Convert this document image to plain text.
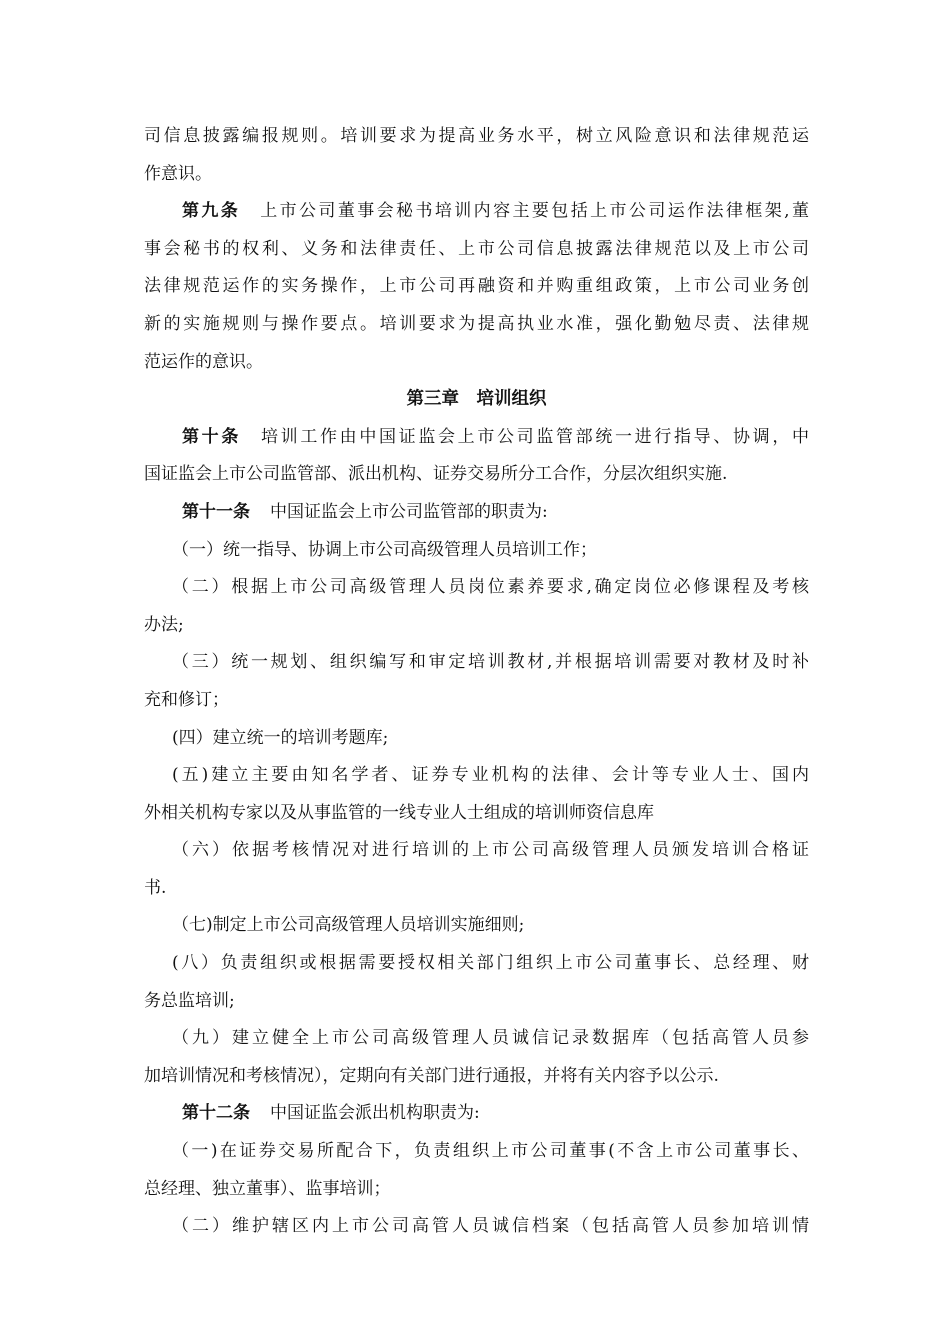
司信息披露编报规则。培训要求为提高业务水平，树立风险意识和法律规范运
作意识。
第九条 上市公司董事会秘书培训内容主要包括上市公司运作法律框架,董
事会秘书的权利、义务和法律责任、上市公司信息披露法律规范以及上市公司
法律规范运作的实务操作，上市公司再融资和并购重组政策，上市公司业务创
新的实施规则与操作要点。培训要求为提高执业水准，强化勤勉尽责、法律规
范运作的意识。
第三章　培训组织
第十条 培训工作由中国证监会上市公司监管部统一进行指导、协调，中
国证监会上市公司监管部、派出机构、证券交易所分工合作，分层次组织实施.
第十一条 中国证监会上市公司监管部的职责为:
（一）统一指导、协调上市公司高级管理人员培训工作；
（二）根据上市公司高级管理人员岗位素养要求,确定岗位必修课程及考核
办法;
（三）统一规划、组织编写和审定培训教材,并根据培训需要对教材及时补
充和修订；
(四）建立统一的培训考题库;
(五)建立主要由知名学者、证券专业机构的法律、会计等专业人士、国内
外相关机构专家以及从事监管的一线专业人士组成的培训师资信息库
（六）依据考核情况对进行培训的上市公司高级管理人员颁发培训合格证
书.
（七)制定上市公司高级管理人员培训实施细则;
(八）负责组织或根据需要授权相关部门组织上市公司董事长、总经理、财
务总监培训;
（九）建立健全上市公司高级管理人员诚信记录数据库（包括高管人员参
加培训情况和考核情况），定期向有关部门进行通报，并将有关内容予以公示.
第十二条 中国证监会派出机构职责为:
（一)在证券交易所配合下，负责组织上市公司董事(不含上市公司董事长、
总经理、独立董事）、监事培训；
（二）维护辖区内上市公司高管人员诚信档案（包括高管人员参加培训情
